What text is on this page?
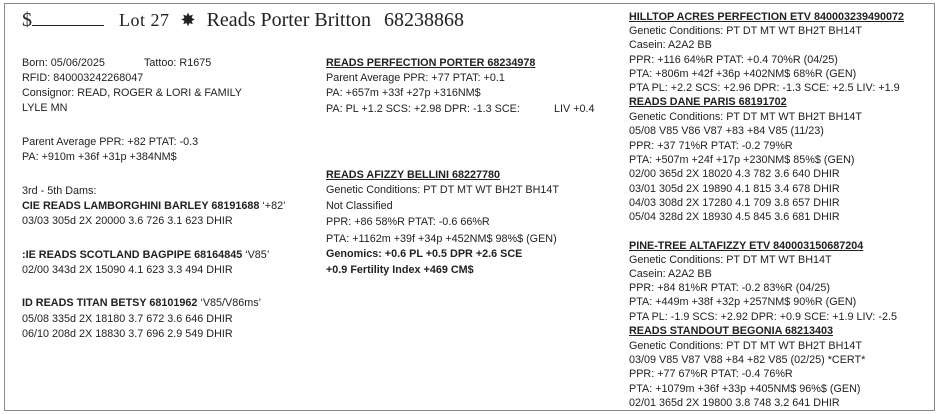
$	Lot 27 ✸ Reads Porter Britton 68238868
Born: 05/06/2025	Tattoo: R1675
RFID: 840003242268047
Consignor: READ, ROGER & LORI & FAMILY
LYLE MN
Parent Average PPR: +82 PTAT: -0.3
PA: +910m +36f +31p +384NM$
3rd - 5th Dams:
CIE READS LAMBORGHINI BARLEY 68191688 ‘+82’
03/03 305d 2X 20000 3.6 726 3.1 623 DHIR
:IE READS SCOTLAND BAGPIPE 68164845 ‘V85’
02/00 343d 2X 15090 4.1 623 3.3 494 DHIR
ID READS TITAN BETSY 68101962 ‘V85/V86ms’
05/08 335d 2X 18180 3.7 672 3.6 646 DHIR
06/10 208d 2X 18830 3.7 696 2.9 549 DHIR
READS PERFECTION PORTER 68234978
Parent Average PPR: +77 PTAT: +0.1
PA: +657m +33f +27p +316NM$
PA: PL +1.2 SCS: +2.98 DPR: -1.3 SCE:	LIV +0.4
READS AFIZZY BELLINI 68227780
Genetic Conditions: PT DT MT WT BH2T BH14T
Not Classified
PPR: +86 58%R PTAT: -0.6 66%R
PTA: +1162m +39f +34p +452NM$ 98%$ (GEN)
Genomics: +0.6 PL +0.5 DPR +2.6 SCE
+0.9 Fertility Index +469 CM$
HILLTOP ACRES PERFECTION ETV 840003239490072
Genetic Conditions: PT DT MT WT BH2T BH14T
Casein: A2A2 BB
PPR: +116 64%R PTAT: +0.4 70%R (04/25)
PTA: +806m +42f +36p +402NM$ 68%R (GEN)
PTA PL: +2.2 SCS: +2.96 DPR: -1.3 SCE: +2.5 LIV: +1.9
READS DANE PARIS 68191702
Genetic Conditions: PT DT MT WT BH2T BH14T
05/08 V85 V86 V87 +83 +84 V85 (11/23)
PPR: +37 71%R PTAT: -0.2 79%R
PTA: +507m +24f +17p +230NM$ 85%$ (GEN)
02/00 365d 2X 18020 4.3 782 3.6 640 DHIR
03/01 305d 2X 19890 4.1 815 3.4 678 DHIR
04/03 308d 2X 17280 4.1 709 3.8 657 DHIR
05/04 328d 2X 18930 4.5 845 3.6 681 DHIR
PINE-TREE ALTAFIZZY ETV 840003150687204
Genetic Conditions: PT DT MT WT BH14T
Casein: A2A2 BB
PPR: +84 81%R PTAT: -0.2 83%R (04/25)
PTA: +449m +38f +32p +257NM$ 90%R (GEN)
PTA PL: -1.9 SCS: +2.92 DPR: +0.9 SCE: +1.9 LIV: -2.5
READS STANDOUT BEGONIA 68213403
Genetic Conditions: PT DT MT WT BH2T BH14T
03/09 V85 V87 V88 +84 +82 V85 (02/25) *CERT*
PPR: +77 67%R PTAT: -0.4 76%R
PTA: +1079m +36f +33p +405NM$ 96%$ (GEN)
02/01 365d 2X 19800 3.8 748 3.2 641 DHIR
